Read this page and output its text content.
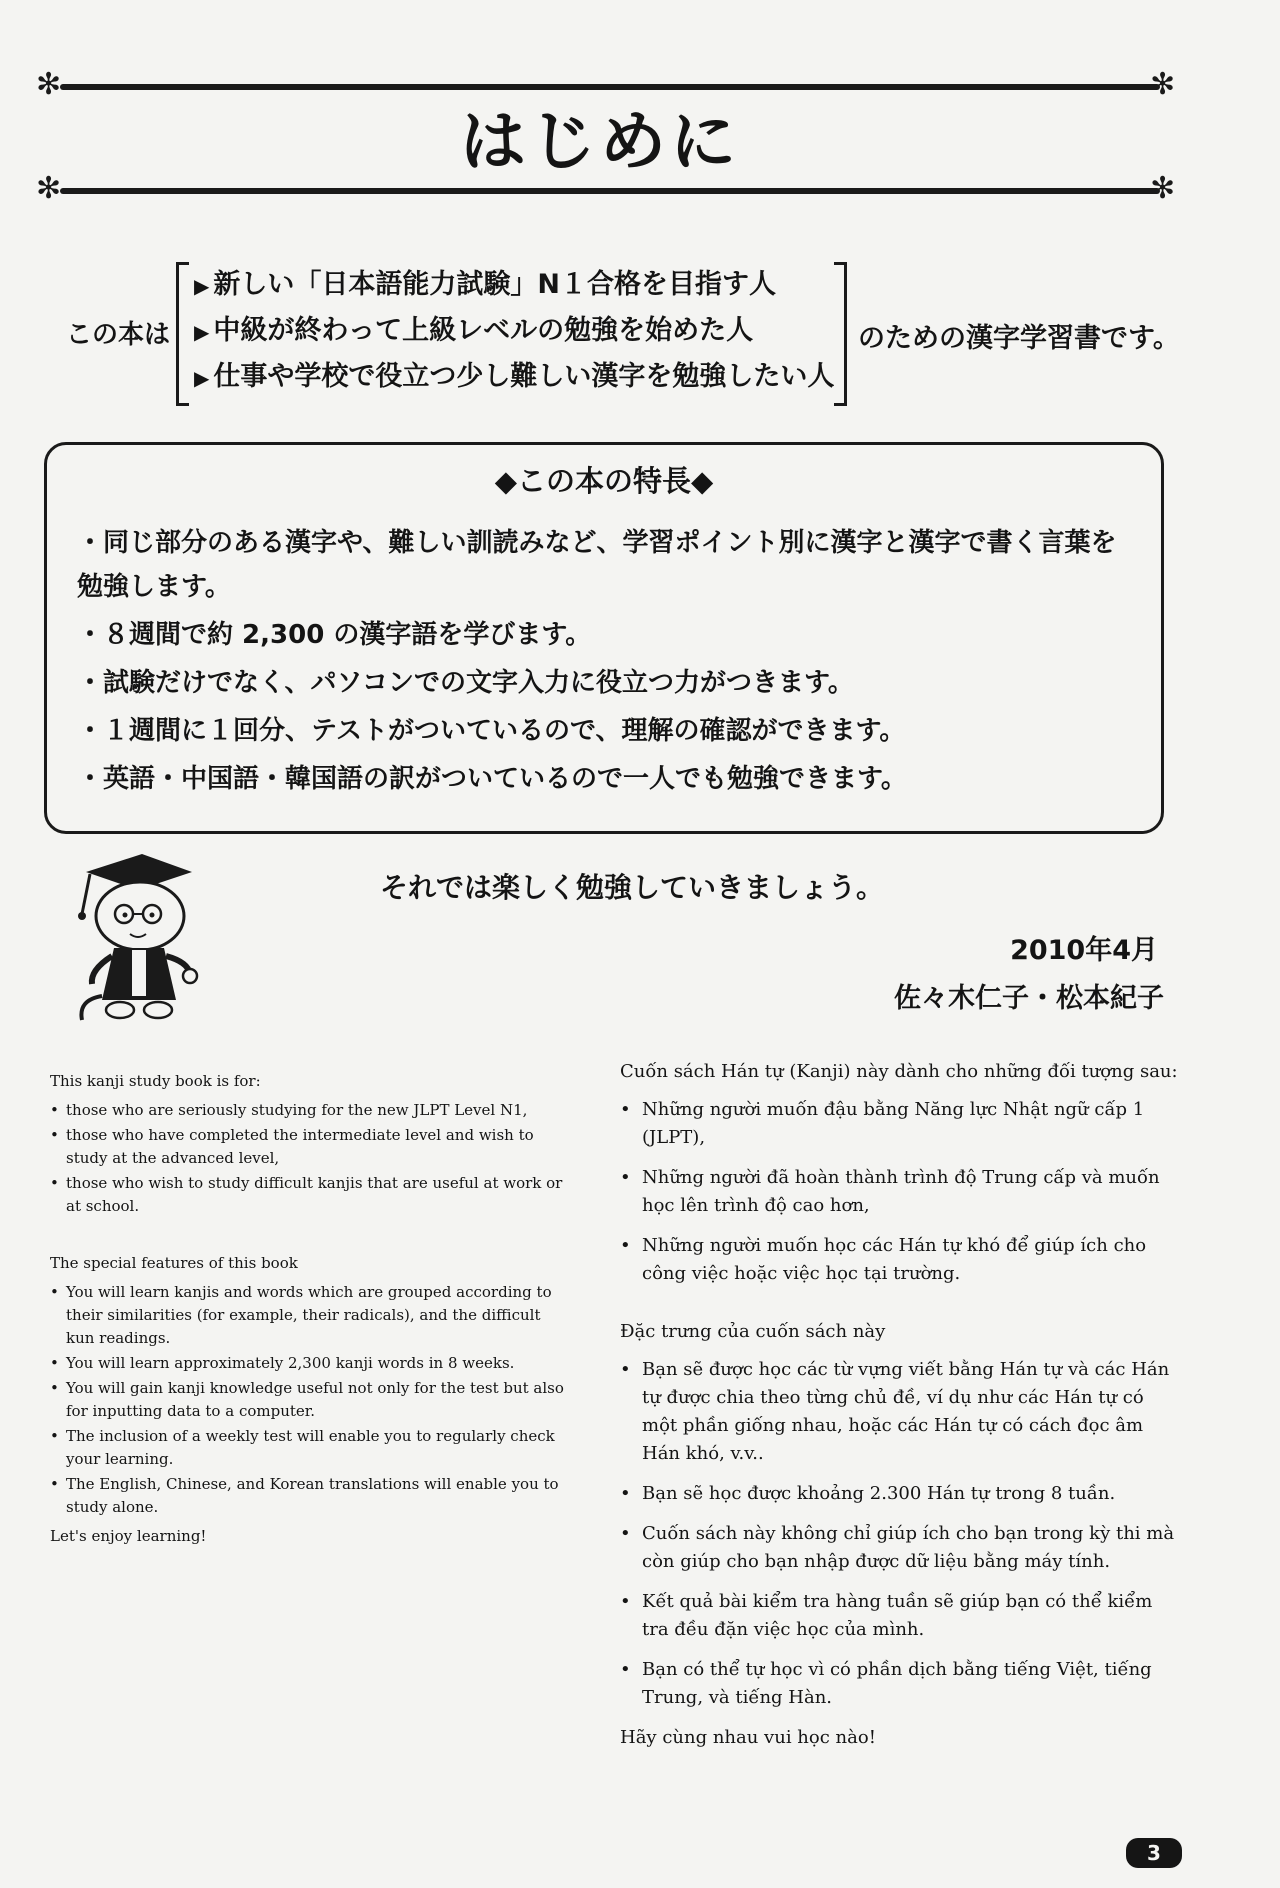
✻	✻
はじめに
✻	✻
この本は
▶ 新しい「日本語能力試験」N１合格を目指す人
▶ 中級が終わって上級レベルの勉強を始めた人
▶ 仕事や学校で役立つ少し難しい漢字を勉強したい人
のための漢字学習書です。
◆この本の特長◆
・同じ部分のある漢字や、難しい訓読みなど、学習ポイント別に漢字と漢字で書く言葉を勉強します。
・８週間で約 2,300 の漢字語を学びます。
・試験だけでなく、パソコンでの文字入力に役立つ力がつきます。
・１週間に１回分、テストがついているので、理解の確認ができます。
・英語・中国語・韓国語の訳がついているので一人でも勉強できます。
それでは楽しく勉強していきましょう。
2010年4月
佐々木仁子・松本紀子
This kanji study book is for:
• those who are seriously studying for the new JLPT Level N1,
• those who have completed the intermediate level and wish to study at the advanced level,
• those who wish to study difficult kanjis that are useful at work or at school.
The special features of this book
• You will learn kanjis and words which are grouped according to their similarities (for example, their radicals), and the difficult kun readings.
• You will learn approximately 2,300 kanji words in 8 weeks.
• You will gain kanji knowledge useful not only for the test but also for inputting data to a computer.
• The inclusion of a weekly test will enable you to regularly check your learning.
• The English, Chinese, and Korean translations will enable you to study alone.
Let's enjoy learning!
Cuốn sách Hán tự (Kanji) này dành cho những đối tượng sau:
• Những người muốn đậu bằng Năng lực Nhật ngữ cấp 1 (JLPT),
• Những người đã hoàn thành trình độ Trung cấp và muốn học lên trình độ cao hơn,
• Những người muốn học các Hán tự khó để giúp ích cho công việc hoặc việc học tại trường.
Đặc trưng của cuốn sách này
• Bạn sẽ được học các từ vựng viết bằng Hán tự và các Hán tự được chia theo từng chủ đề, ví dụ như các Hán tự có một phần giống nhau, hoặc các Hán tự có cách đọc âm Hán khó, v.v..
• Bạn sẽ học được khoảng 2.300 Hán tự trong 8 tuần.
• Cuốn sách này không chỉ giúp ích cho bạn trong kỳ thi mà còn giúp cho bạn nhập được dữ liệu bằng máy tính.
• Kết quả bài kiểm tra hàng tuần sẽ giúp bạn có thể kiểm tra đều đặn việc học của mình.
• Bạn có thể tự học vì có phần dịch bằng tiếng Việt, tiếng Trung, và tiếng Hàn.
Hãy cùng nhau vui học nào!
3
